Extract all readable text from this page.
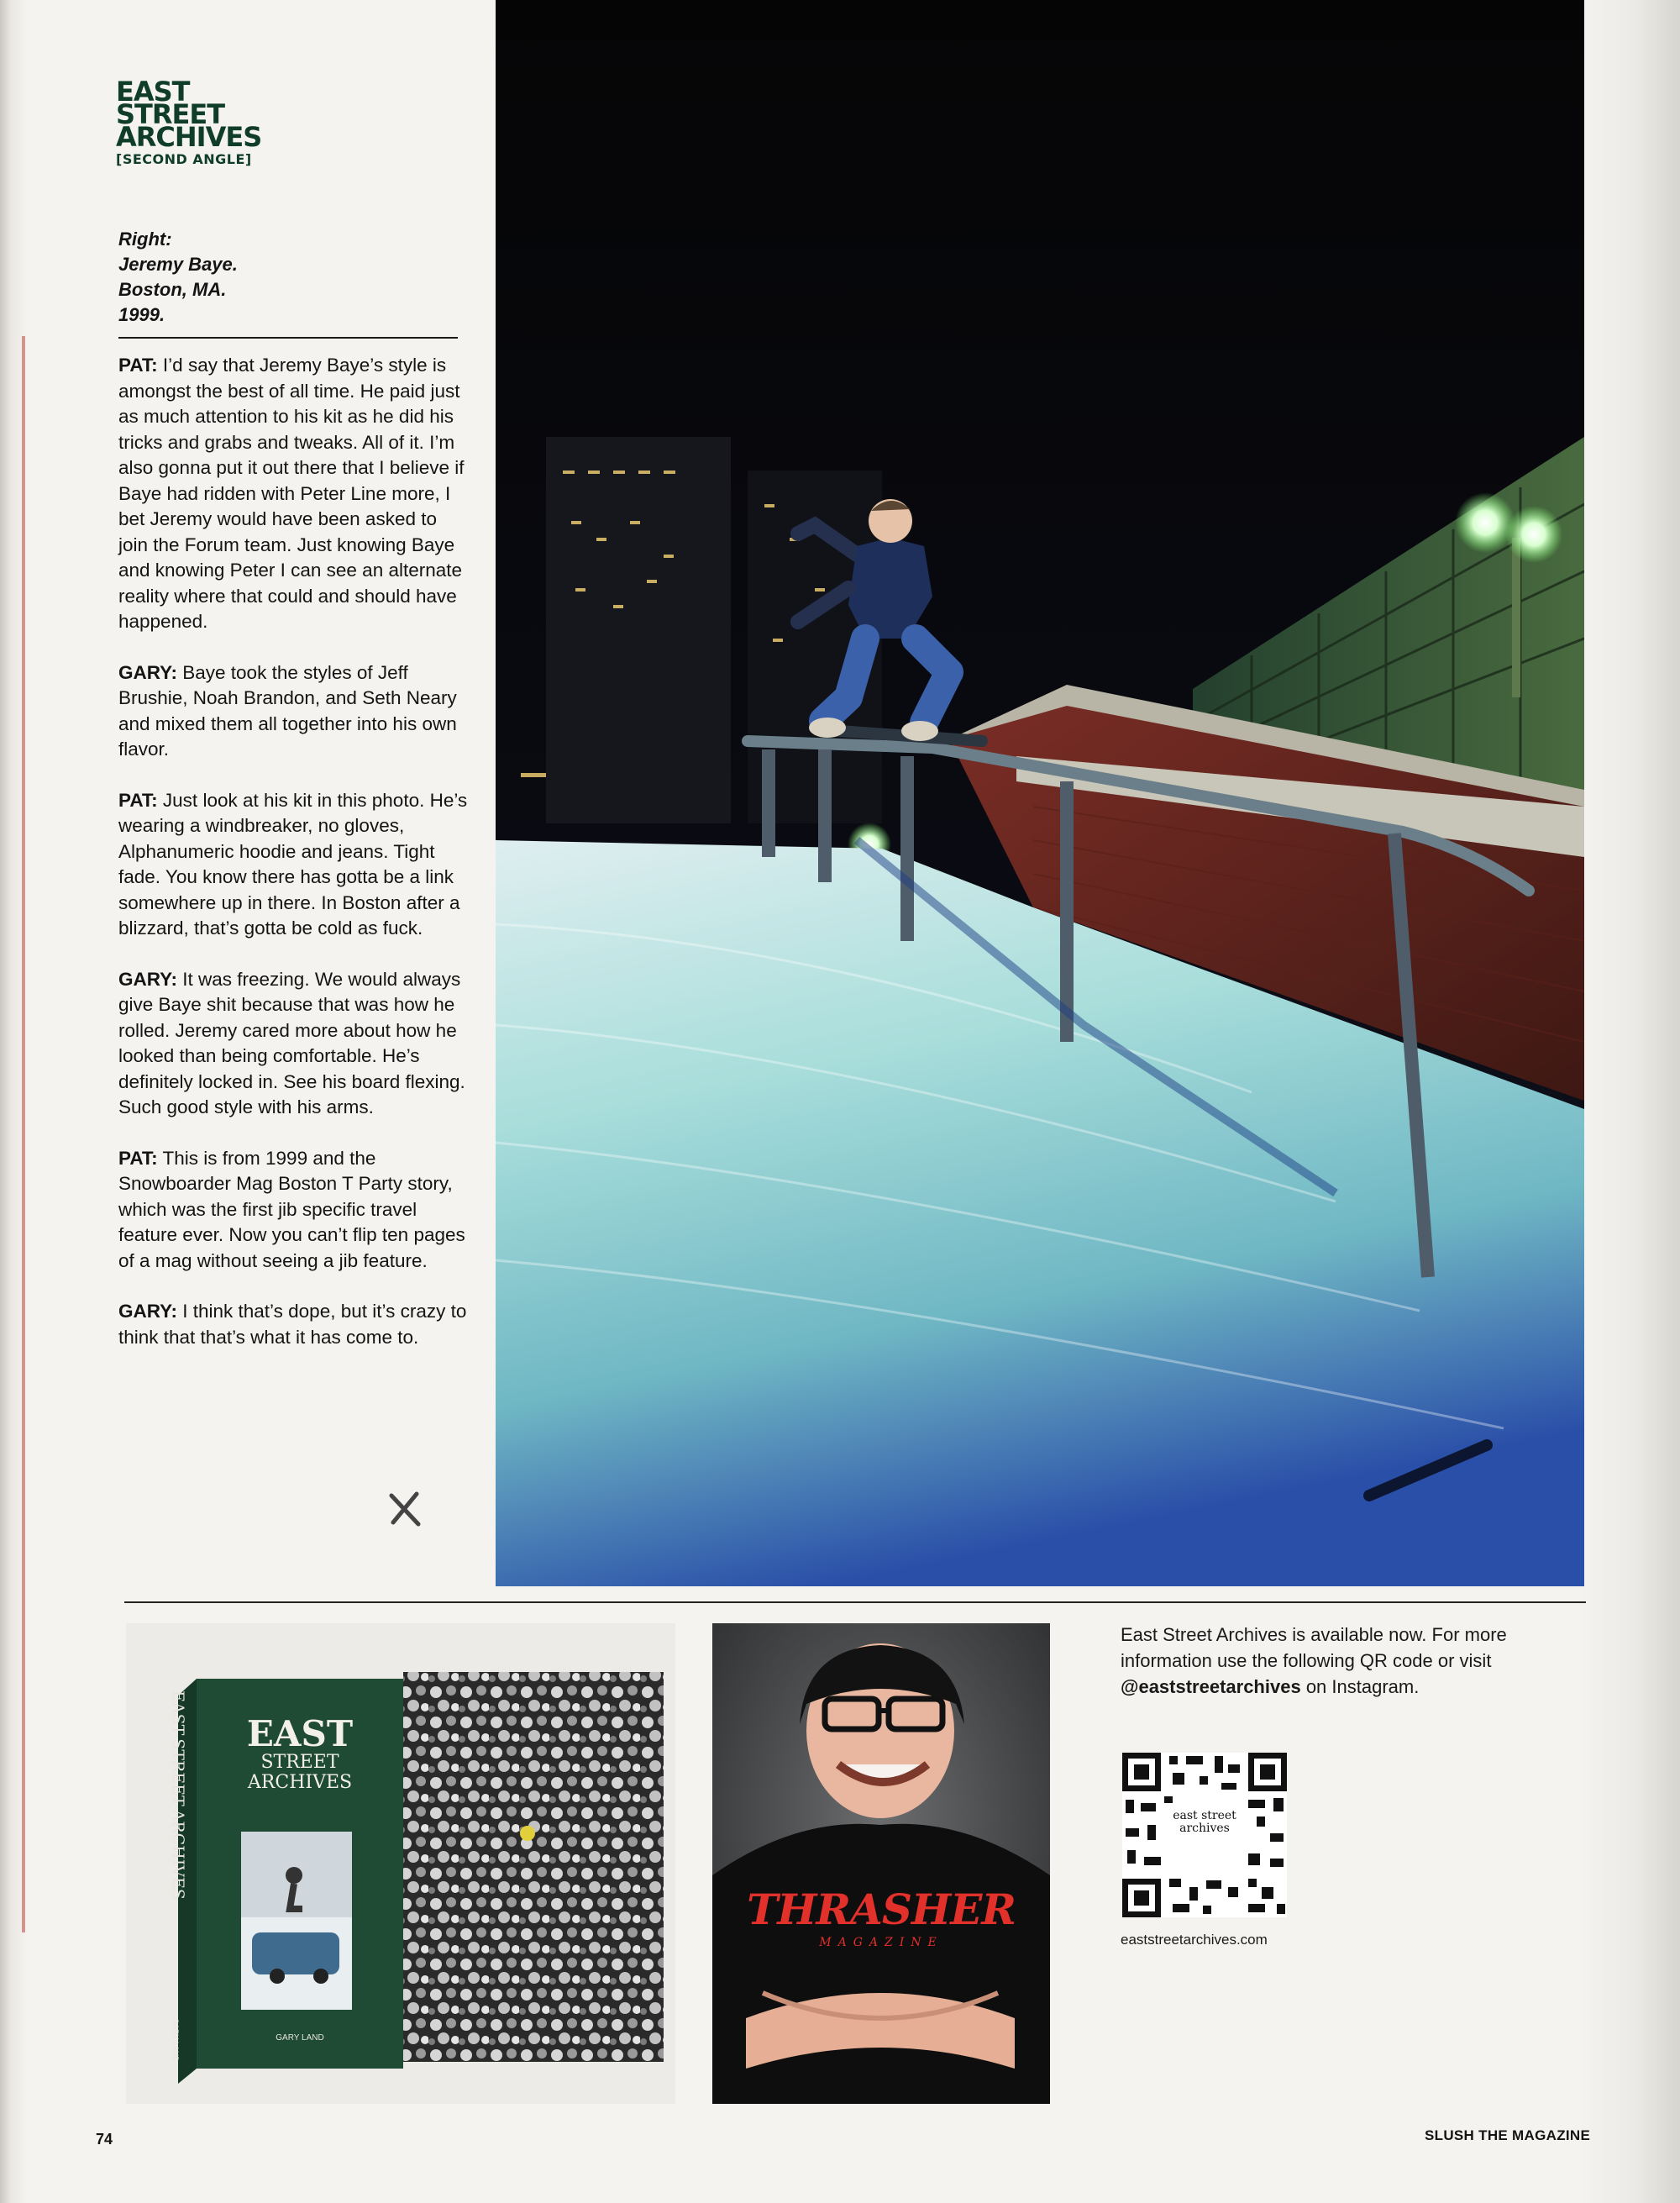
EAST
STREET
ARCHIVES
[SECOND ANGLE]
Right:
Jeremy Baye.
Boston, MA.
1999.

PAT: I’d say that Jeremy Baye’s style is amongst the best of all time. He paid just as much attention to his kit as he did his tricks and grabs and tweaks. All of it. I’m also gonna put it out there that I believe if Baye had ridden with Peter Line more, I bet Jeremy would have been asked to join the Forum team. Just knowing Baye and knowing Peter I can see an alternate reality where that could and should have happened.

GARY: Baye took the styles of Jeff Brushie, Noah Brandon, and Seth Neary and mixed them all together into his own flavor.

PAT: Just look at his kit in this photo. He’s wearing a windbreaker, no gloves, Alphanumeric hoodie and jeans. Tight fade. You know there has gotta be a link somewhere up in there. In Boston after a blizzard, that’s gotta be cold as fuck.

GARY: It was freezing. We would always give Baye shit because that was how he rolled. Jeremy cared more about how he looked than being comfortable. He’s definitely locked in. See his board flexing. Such good style with his arms.

PAT: This is from 1999 and the Snowboarder Mag Boston T Party story, which was the first jib specific travel feature ever. Now you can’t flip ten pages of a mag without seeing a jib feature.

GARY: I think that’s dope, but it’s crazy to think that that’s what it has come to.

EAST
STREET
ARCHIVES
GARY LAND
THRASHER
MAGAZINE
East Street Archives is available now. For more information use the following QR code or visit @eaststreetarchives on Instagram.
east street archives
eaststreetarchives.com
74	SLUSH THE MAGAZINE
